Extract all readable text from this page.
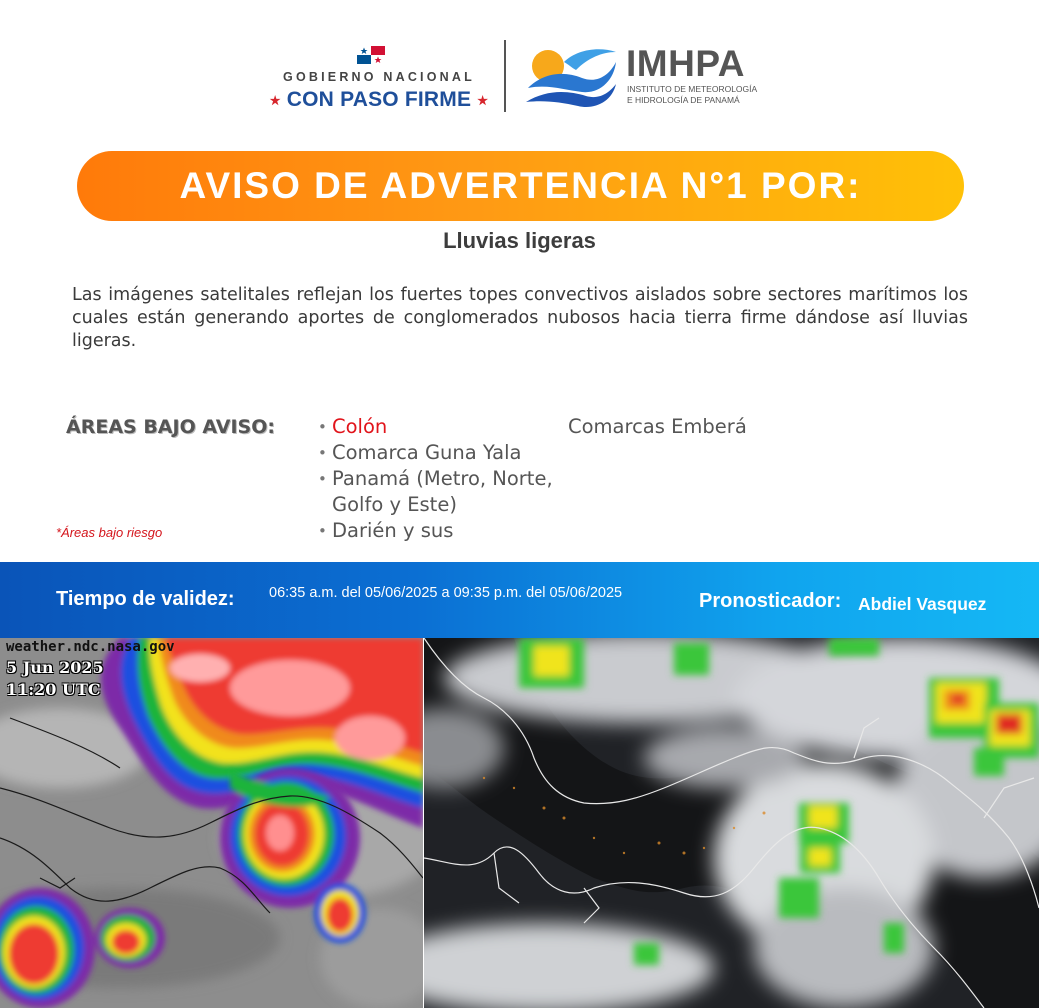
GOBIERNO NACIONAL
★ CON PASO FIRME ★
IMHPA
INSTITUTO DE METEOROLOGÍA
E HIDROLOGÍA DE PANAMÁ
AVISO DE ADVERTENCIA N°1 POR:
Lluvias ligeras
Las imágenes satelitales reflejan los fuertes topes convectivos aislados sobre sectores marítimos los cuales están generando aportes de conglomerados nubosos hacia tierra firme dándose así lluvias ligeras.
ÁREAS BAJO AVISO:
•	Colón
• Comarca Guna Yala
• Panamá (Metro, Norte, Golfo y Este)
• Darién y sus
Comarcas Emberá
*Áreas bajo riesgo
Tiempo de validez: 06:35 a.m. del 05/06/2025 a 09:35 p.m. del 05/06/2025	Pronosticador: Abdiel Vasquez
weather.ndc.nasa.gov
5 Jun 2025
11:20 UTC
